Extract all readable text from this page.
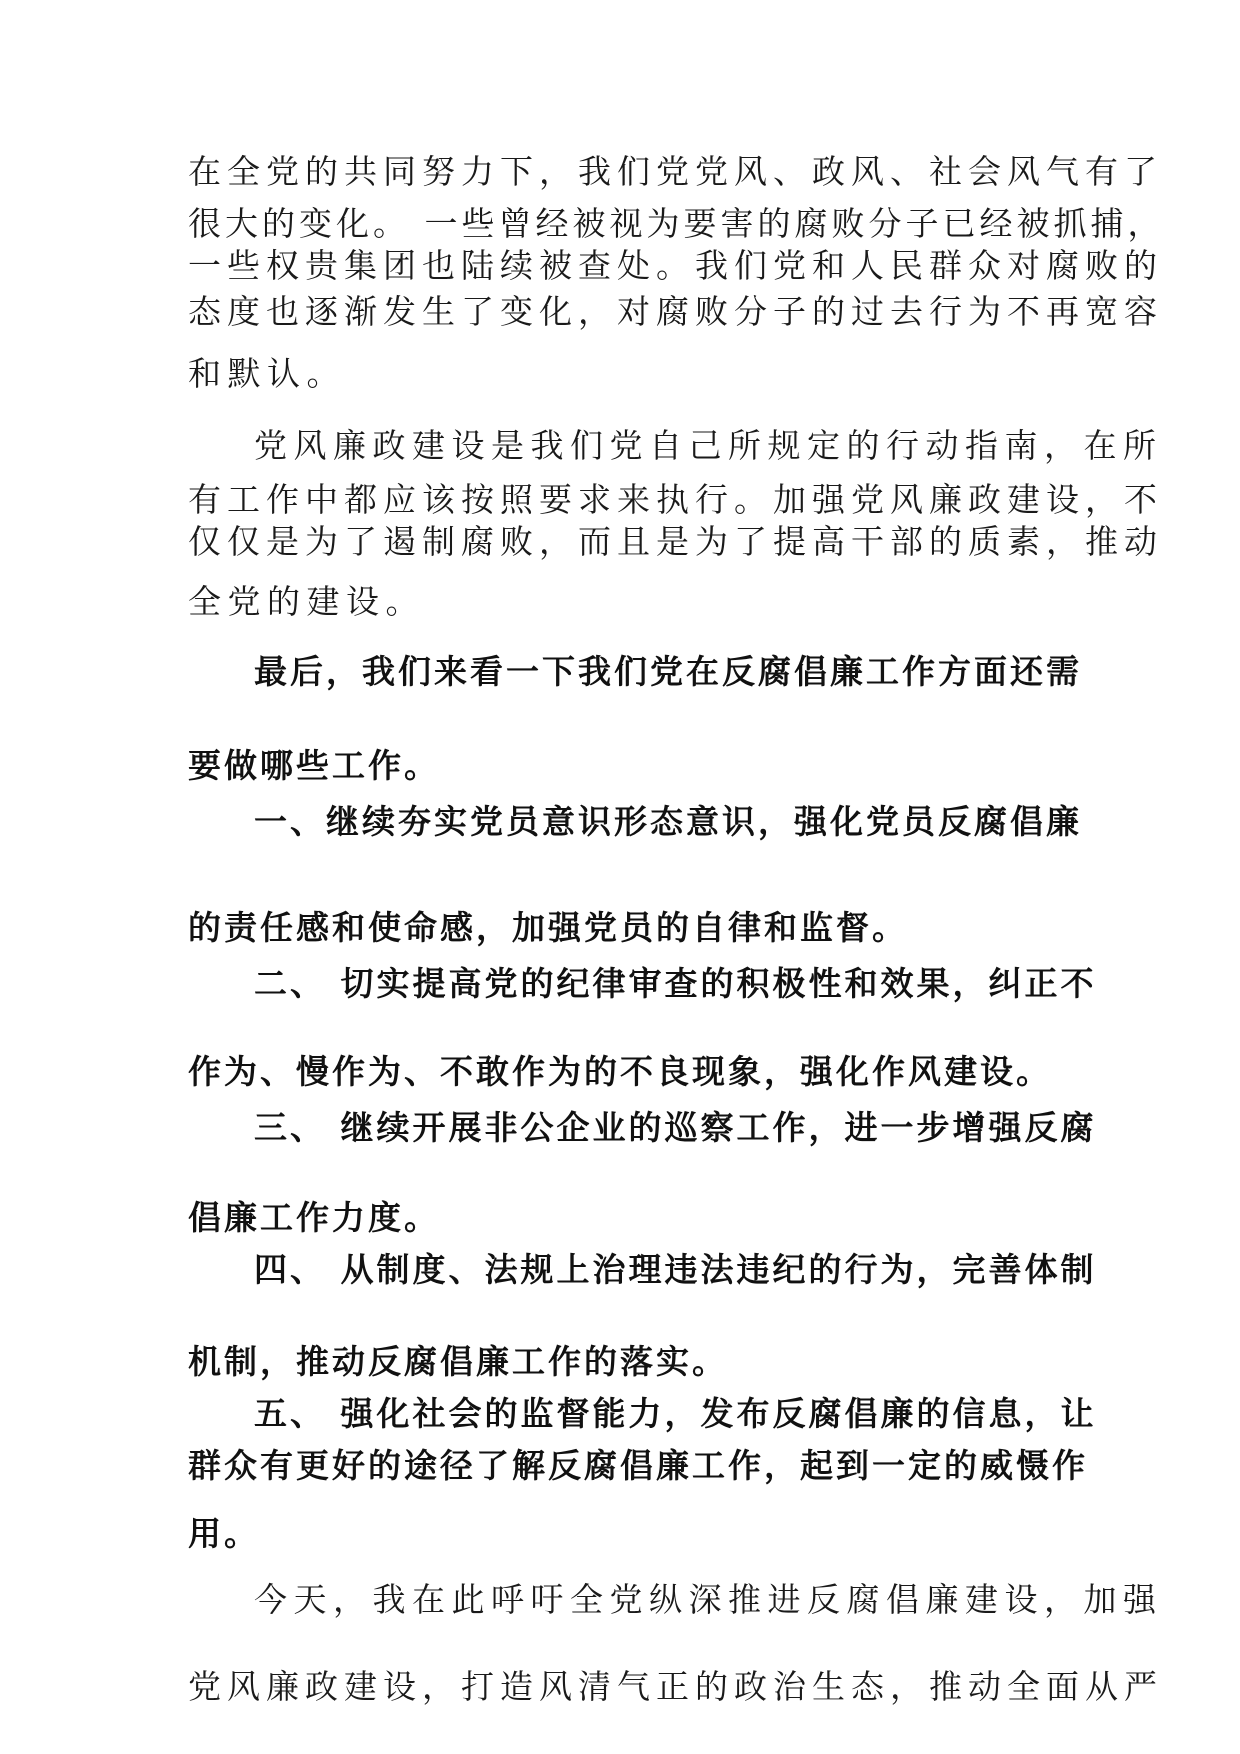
在全党的共同努力下，我们党党风、政风、社会风气有了

很大的变化。 一些曾经被视为要害的腐败分子已经被抓捕，

一些权贵集团也陆续被查处。我们党和人民群众对腐败的

态度也逐渐发生了变化，对腐败分子的过去行为不再宽容

和默认。

党风廉政建设是我们党自己所规定的行动指南，在所

有工作中都应该按照要求来执行。加强党风廉政建设，不

仅仅是为了遏制腐败，而且是为了提高干部的质素，推动

全党的建设。

最后，我们来看一下我们党在反腐倡廉工作方面还需

要做哪些工作。

一、继续夯实党员意识形态意识，强化党员反腐倡廉

的责任感和使命感，加强党员的自律和监督。

二、 切实提高党的纪律审查的积极性和效果，纠正不

作为、慢作为、不敢作为的不良现象，强化作风建设。

三、 继续开展非公企业的巡察工作，进一步增强反腐

倡廉工作力度。

四、 从制度、法规上治理违法违纪的行为，完善体制

机制，推动反腐倡廉工作的落实。

五、 强化社会的监督能力，发布反腐倡廉的信息，让

群众有更好的途径了解反腐倡廉工作，起到一定的威慑作

用。

今天，我在此呼吁全党纵深推进反腐倡廉建设，加强

党风廉政建设，打造风清气正的政治生态，推动全面从严
